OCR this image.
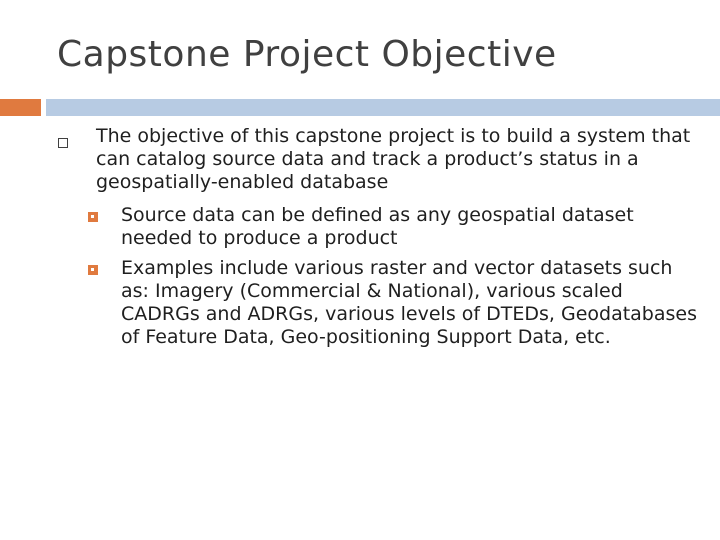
Capstone Project Objective
The objective of this capstone project is to build a system that can catalog source data and track a product’s status in a geospatially-enabled database
Source data can be defined as any geospatial dataset needed to produce a product
Examples include various raster and vector datasets such as: Imagery (Commercial & National), various scaled CADRGs and ADRGs, various levels of DTEDs, Geodatabases of Feature Data, Geo-positioning Support Data, etc.
